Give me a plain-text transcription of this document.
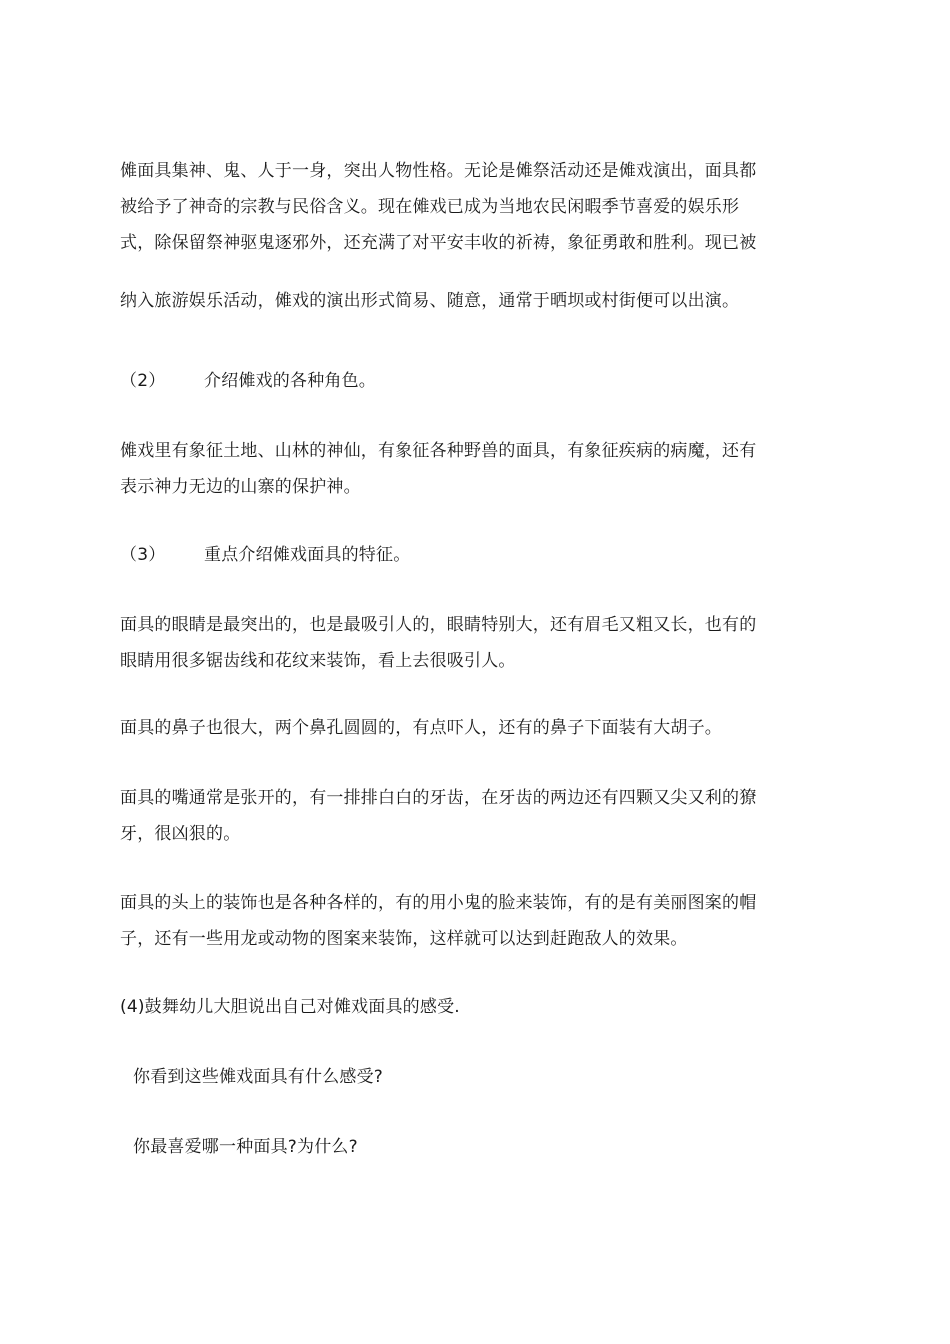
傩面具集神、鬼、人于一身，突出人物性格。无论是傩祭活动还是傩戏演出，面具都
被给予了神奇的宗教与民俗含义。现在傩戏已成为当地农民闲暇季节喜爱的娱乐形
式，除保留祭神驱鬼逐邪外，还充满了对平安丰收的祈祷，象征勇敢和胜利。现已被
纳入旅游娱乐活动，傩戏的演出形式简易、随意，通常于晒坝或村街便可以出演。
（2） 介绍傩戏的各种角色。
傩戏里有象征土地、山林的神仙，有象征各种野兽的面具，有象征疾病的病魔，还有
表示神力无边的山寨的保护神。
（3） 重点介绍傩戏面具的特征。
面具的眼睛是最突出的，也是最吸引人的，眼睛特别大，还有眉毛又粗又长，也有的
眼睛用很多锯齿线和花纹来装饰，看上去很吸引人。
面具的鼻子也很大，两个鼻孔圆圆的，有点吓人，还有的鼻子下面装有大胡子。
面具的嘴通常是张开的，有一排排白白的牙齿，在牙齿的两边还有四颗又尖又利的獠
牙，很凶狠的。
面具的头上的装饰也是各种各样的，有的用小鬼的脸来装饰，有的是有美丽图案的帽
子，还有一些用龙或动物的图案来装饰，这样就可以达到赶跑敌人的效果。
(4)鼓舞幼儿大胆说出自己对傩戏面具的感受.
你看到这些傩戏面具有什么感受?
你最喜爱哪一种面具?为什么?
